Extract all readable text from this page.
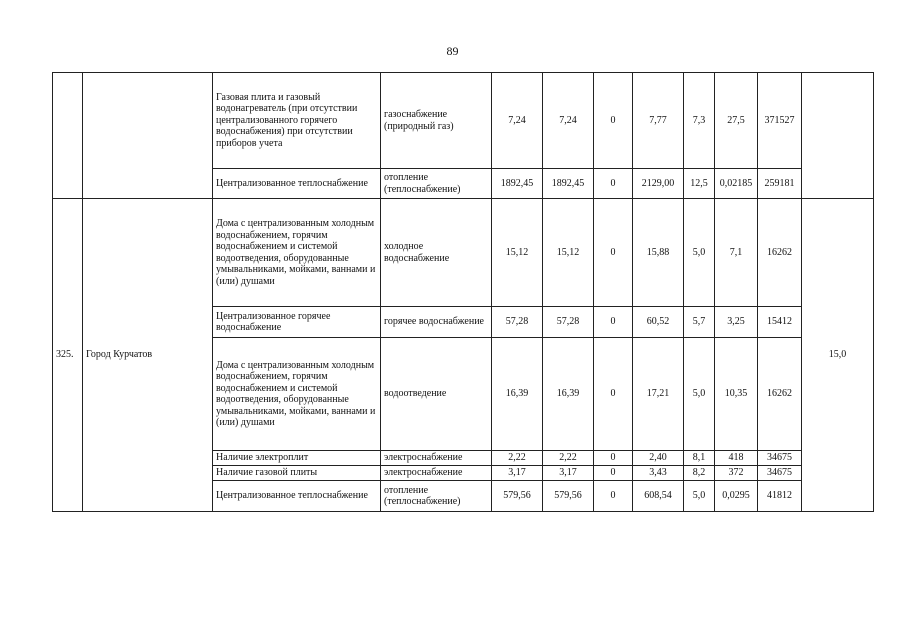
89
		Газовая плита и газовый водонагреватель (при отсутствии централизованного горячего водоснабжения) при отсутствии приборов учета	газоснабжение (природный газ)	7,24	7,24	0	7,77	7,3	27,5	371527	
		Централизованное теплоснабжение	отопление (теплоснабжение)	1892,45	1892,45	0	2129,00	12,5	0,02185	259181	
325.	Город Курчатов	Дома с централизованным холодным водоснабжением, горячим водоснабжением и системой водоотведения, оборудованные умывальниками, мойками, ваннами и (или) душами	холодное водоснабжение	15,12	15,12	0	15,88	5,0	7,1	16262	15,0
		Централизованное горячее водоснабжение	горячее водоснабжение	57,28	57,28	0	60,52	5,7	3,25	15412	
		Дома с централизованным холодным водоснабжением, горячим водоснабжением и системой водоотведения, оборудованные умывальниками, мойками, ваннами и (или) душами	водоотведение	16,39	16,39	0	17,21	5,0	10,35	16262	
		Наличие электроплит	электроснабжение	2,22	2,22	0	2,40	8,1	418	34675	
		Наличие газовой плиты	электроснабжение	3,17	3,17	0	3,43	8,2	372	34675	
		Централизованное теплоснабжение	отопление (теплоснабжение)	579,56	579,56	0	608,54	5,0	0,0295	41812	
